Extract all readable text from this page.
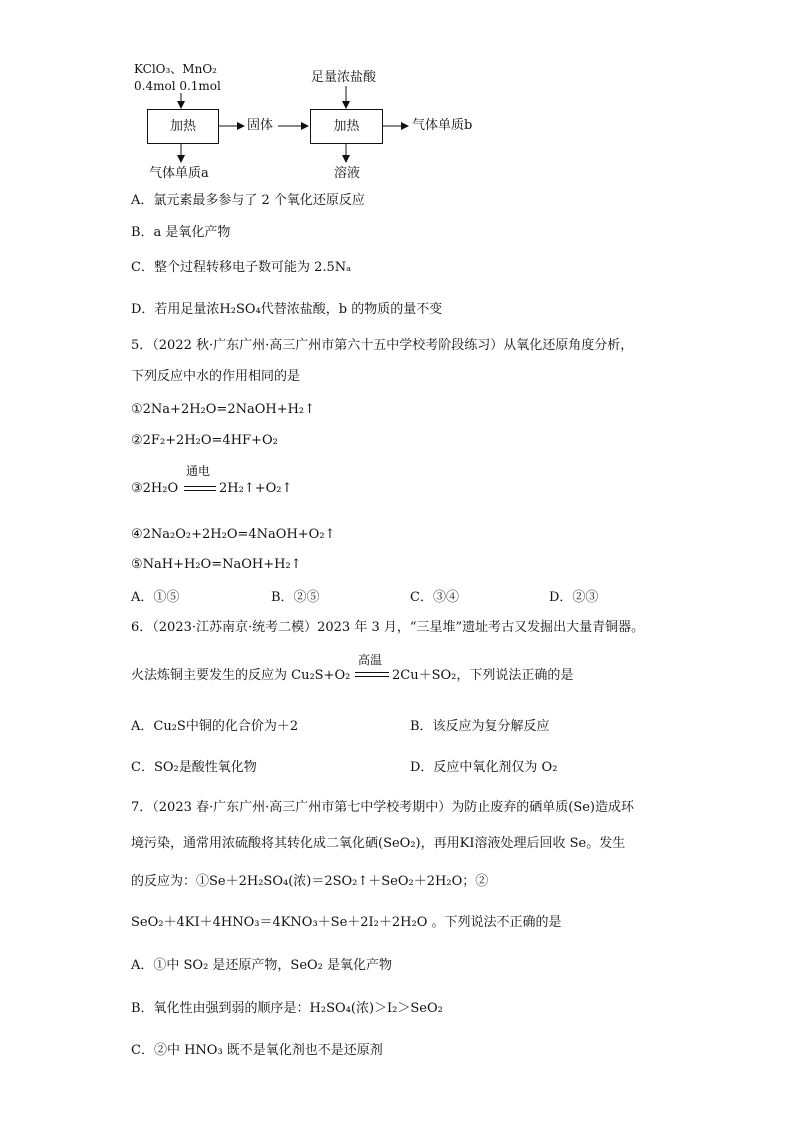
KClO₃、MnO₂
0.4mol 0.1mol
加热	固体	加热
足量浓盐酸
气体单质b
气体单质a	溶液
A．氯元素最多参与了 2 个氧化还原反应
B．a 是氧化产物
C．整个过程转移电子数可能为 2.5Nₐ
D．若用足量浓H₂SO₄代替浓盐酸，b 的物质的量不变
5．（2022 秋·广东广州·高三广州市第六十五中学校考阶段练习）从氧化还原角度分析，
下列反应中水的作用相同的是
①2Na+2H₂O=2NaOH+H₂↑
②2F₂+2H₂O=4HF+O₂
通电
③2H₂O	2H₂↑+O₂↑
④2Na₂O₂+2H₂O=4NaOH+O₂↑
⑤NaH+H₂O=NaOH+H₂↑
A．①⑤	B．②⑤	C．③④	D．②③
6．（2023·江苏南京·统考二模）2023 年 3 月，“三星堆”遗址考古又发掘出大量青铜器。
火法炼铜主要发生的反应为 Cu₂S+O₂
高温
2Cu＋SO₂，下列说法正确的是
A．Cu₂S中铜的化合价为＋2	B．该反应为复分解反应
C．SO₂是酸性氧化物	D．反应中氧化剂仅为 O₂
7．（2023 春·广东广州·高三广州市第七中学校考期中）为防止废弃的硒单质(Se)造成环
境污染，通常用浓硫酸将其转化成二氧化硒(SeO₂)，再用KI溶液处理后回收 Se。发生
的反应为：①Se＋2H₂SO₄(浓)＝2SO₂↑＋SeO₂＋2H₂O；②
SeO₂＋4KI＋4HNO₃＝4KNO₃＋Se＋2I₂＋2H₂O 。下列说法不正确的是
A．①中 SO₂ 是还原产物，SeO₂ 是氧化产物
B．氧化性由强到弱的顺序是：H₂SO₄(浓)＞I₂＞SeO₂
C．②中 HNO₃ 既不是氧化剂也不是还原剂
